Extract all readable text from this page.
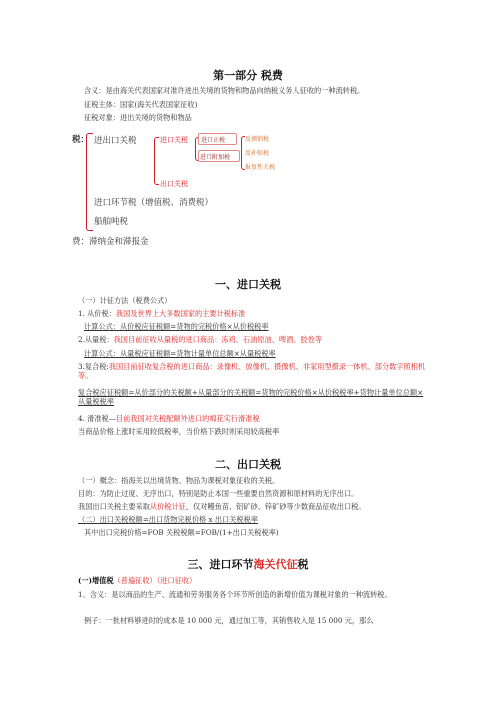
第一部分 税费
含义：是由海关代表国家对准许进出关境的货物和物品向纳税义务人征收的一种流转税。
征税主体：国家(海关代表国家征收)
征税对象：进出关境的货物和物品
税： 进出口关税	进口关税 进口正税
进口附加税
反倾销税
反补贴税
报复性关税
出口关税
进口环节税（增值税、消费税）
船舶吨税
费：滞纳金和滞报金
一、进口关税
（一）计征方法（税费公式）
1. 从价税：我国及世界上大多数国家的主要计税标准
计算公式：从价税应征税额=货物的完税价格×从价税税率
2.从量税：我国目前征收从量税的进口商品：冻鸡、石油原油、啤酒、胶卷等
计算公式：从量税应征税额=货物计量单位总额×从量税税率
3.复合税:我国目前征收复合税的进口商品：录像机、放像机、摄像机、非家用型摄录一体机、部分数字照相机等。
复合税应征税额=从价部分的关税额+从量部分的关税额=货物的完税价格×从价税税率+货物计量单位总额×从量税税率
4. 滑准税—目前我国对关税配额外进口的棉花实行滑准税
当商品价格上涨时采用较低税率，当价格下跌时则采用较高税率
二、出口关税
（一）概念：指海关以出境货物、物品为课税对象征收的关税。
目的：为防止过度、无序出口，特别是防止本国一些重要自然资源和原材料的无序出口。
我国出口关税主要采取从价税计征，仅对鳗鱼苗、铝矿砂、锌矿砂等少数商品征收出口税。
（二）出口关税税额=出口货物完税价格 x 出口关税税率
其中出口完税价格=FOB 关税税额=FOB/(1+出口关税税率)
三、进口环节海关代征税
(一)增值税（普遍征收）（进口征收）
1、含义：是以商品的生产、流通和劳务服务各个环节所创造的新增价值为课税对象的一种流转税。
例子：一批材料够进时的成本是 10 000 元，通过加工等，其销售收入是 15 000 元，那么
